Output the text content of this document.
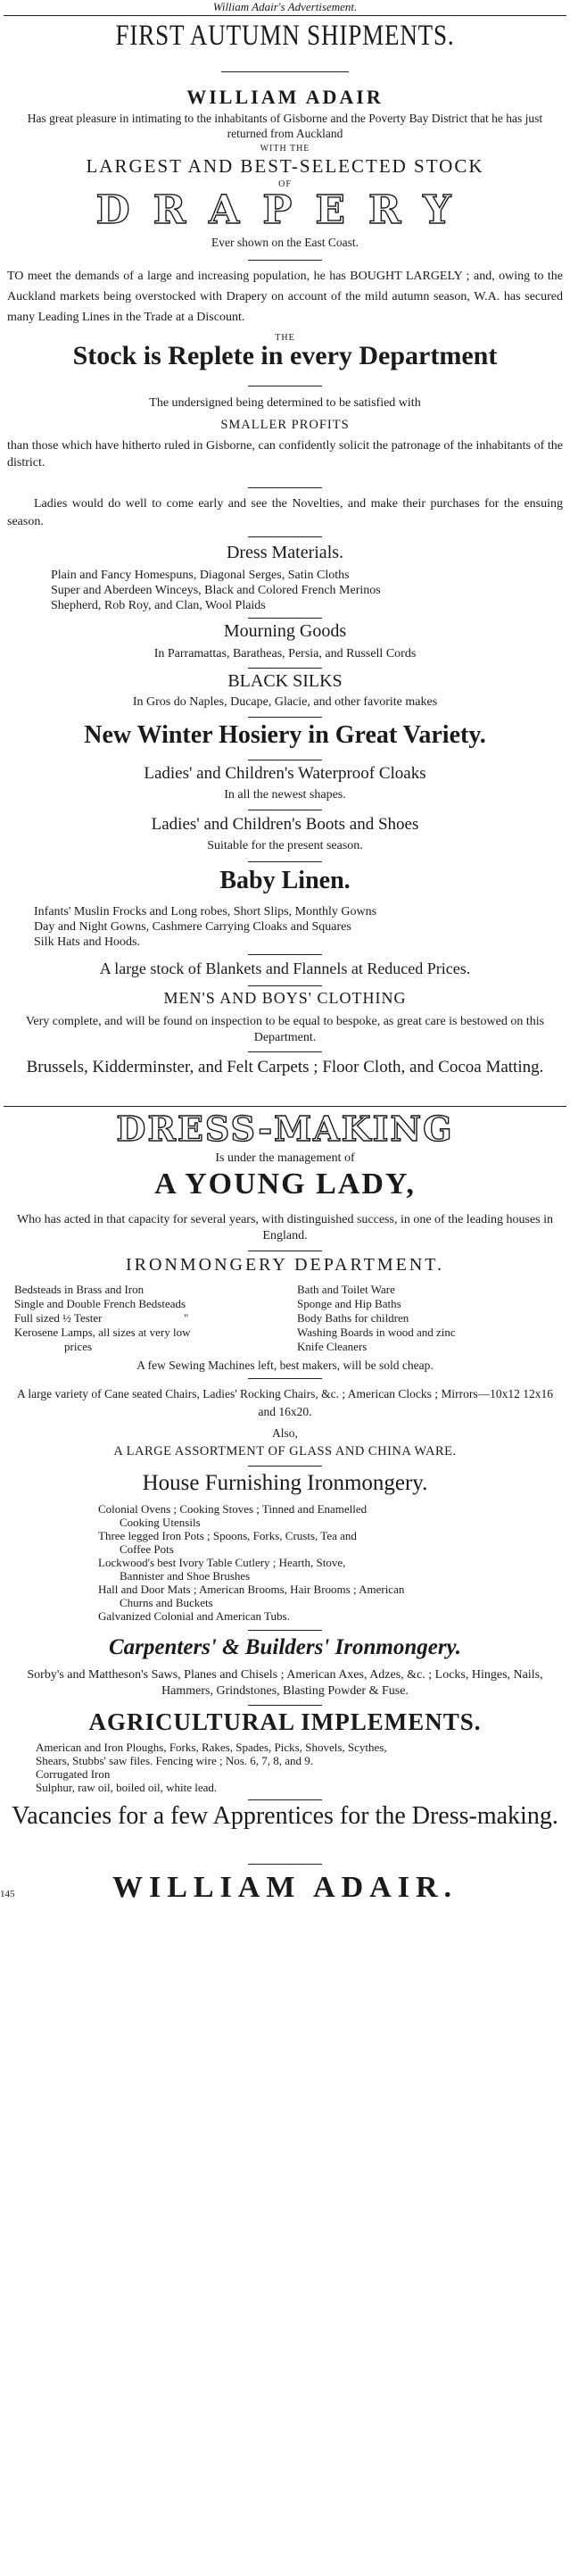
William Adair's Advertisement.
FIRST AUTUMN SHIPMENTS.
WILLIAM ADAIR
Has great pleasure in intimating to the inhabitants of Gisborne and the Poverty Bay District that he has just returned from Auckland
WITH THE
LARGEST AND BEST-SELECTED STOCK
OF
DRAPERY
Ever shown on the East Coast.
TO meet the demands of a large and increasing population, he has BOUGHT LARGELY ; and, owing to the Auckland markets being overstocked with Drapery on account of the mild autumn season, W.A. has secured many Leading Lines in the Trade at a Discount.
THE
Stock is Replete in every Department
The undersigned being determined to be satisfied with
SMALLER PROFITS
than those which have hitherto ruled in Gisborne, can confidently solicit the patronage of the inhabitants of the district.
Ladies would do well to come early and see the Novelties, and make their purchases for the ensuing season.
Dress Materials.
Plain and Fancy Homespuns, Diagonal Serges, Satin Cloths
Super and Aberdeen Winceys, Black and Colored French Merinos
Shepherd, Rob Roy, and Clan, Wool Plaids
Mourning Goods
In Parramattas, Baratheas, Persia, and Russell Cords
BLACK SILKS
In Gros do Naples, Ducape, Glacie, and other favorite makes
New Winter Hosiery in Great Variety.
Ladies' and Children's Waterproof Cloaks
In all the newest shapes.
Ladies' and Children's Boots and Shoes
Suitable for the present season.
Baby Linen.
Infants' Muslin Frocks and Long robes, Short Slips, Monthly Gowns
Day and Night Gowns, Cashmere Carrying Cloaks and Squares
Silk Hats and Hoods.
A large stock of Blankets and Flannels at Reduced Prices.
MEN'S AND BOYS' CLOTHING
Very complete, and will be found on inspection to be equal to bespoke, as great care is bestowed on this Department.
Brussels, Kidderminster, and Felt Carpets ; Floor Cloth, and Cocoa Matting.
DRESS-MAKING
Is under the management of
A YOUNG LADY,
Who has acted in that capacity for several years, with distinguished success, in one of the leading houses in England.
IRONMONGERY DEPARTMENT.
Bedsteads in Brass and Iron
Single and Double French Bedsteads
Full sized ½ Tester
Kerosene Lamps, all sizes at very low
prices
"
Bath and Toilet Ware
Sponge and Hip Baths
Body Baths for children
Washing Boards in wood and zinc
Knife Cleaners
A few Sewing Machines left, best makers, will be sold cheap.
A large variety of Cane seated Chairs, Ladies' Rocking Chairs, &c. ; American Clocks ; Mirrors—10x12 12x16 and 16x20.
Also,
A LARGE ASSORTMENT OF GLASS AND CHINA WARE.
House Furnishing Ironmongery.
Colonial Ovens ; Cooking Stoves ; Tinned and Enamelled
Cooking Utensils
Three legged Iron Pots ; Spoons, Forks, Crusts, Tea and
Coffee Pots
Lockwood's best Ivory Table Cutlery ; Hearth, Stove,
Bannister and Shoe Brushes
Hall and Door Mats ; American Brooms, Hair Brooms ; American
Churns and Buckets
Galvanized Colonial and American Tubs.
Carpenters' & Builders' Ironmongery.
Sorby's and Mattheson's Saws, Planes and Chisels ; American Axes, Adzes, &c. ; Locks, Hinges, Nails, Hammers, Grindstones, Blasting Powder & Fuse.
AGRICULTURAL IMPLEMENTS.
American and Iron Ploughs, Forks, Rakes, Spades, Picks, Shovels, Scythes,
Shears, Stubbs' saw files. Fencing wire ; Nos. 6, 7, 8, and 9.
Corrugated Iron
Sulphur, raw oil, boiled oil, white lead.
Vacancies for a few Apprentices for the Dress-making.
145	WILLIAM ADAIR.
